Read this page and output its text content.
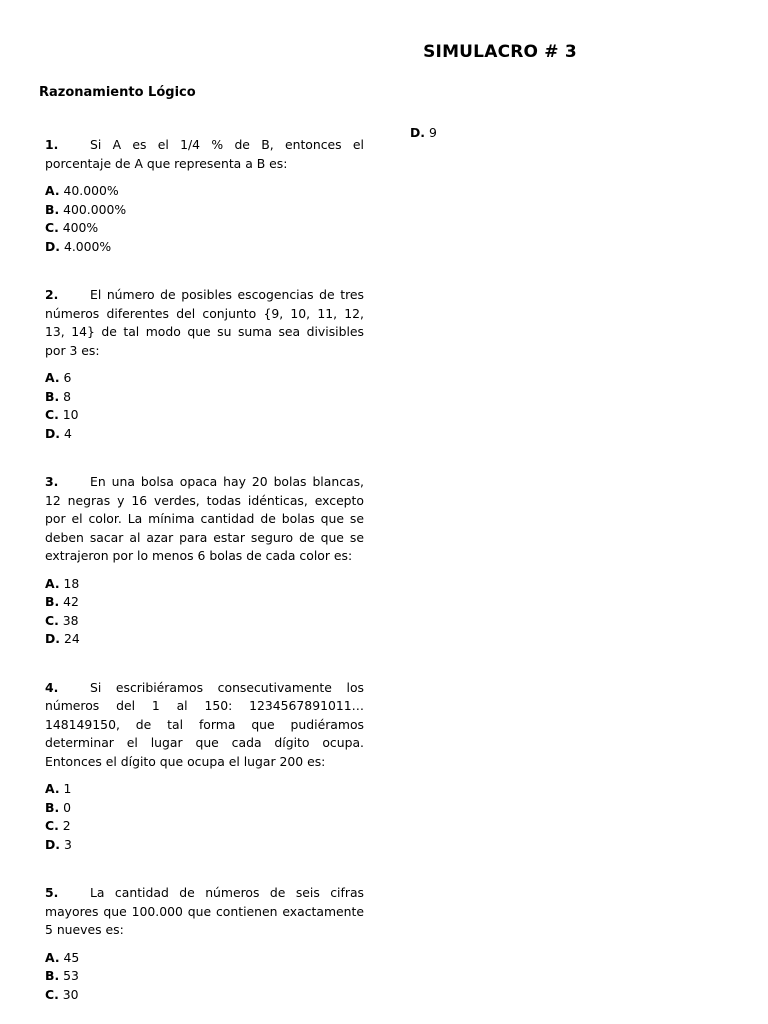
SIMULACRO # 3
Razonamiento Lógico

1.	Si A es el 1/4 % de B, entonces el porcentaje de A que representa a B es:

A. 40.000%
B. 400.000%
C. 400%
D. 4.000%

2.	El número de posibles escogencias de tres números diferentes del conjunto {9, 10, 11, 12, 13, 14} de tal modo que su suma sea divisibles por 3 es:

A. 6
B. 8
C. 10
D. 4

3.	En una bolsa opaca hay 20 bolas blancas, 12 negras y 16 verdes, todas idénticas, excepto por el color. La mínima cantidad de bolas que se deben sacar al azar para estar seguro de que se extrajeron por lo menos 6 bolas de cada color es:

A. 18
B. 42
C. 38
D. 24

4.	Si escribiéramos consecutivamente los números del 1 al 150: 1234567891011…148149150, de tal forma que pudiéramos determinar el lugar que cada dígito ocupa. Entonces el dígito que ocupa el lugar 200 es:

A. 1
B. 0
C. 2
D. 3

5.	La cantidad de números de seis cifras mayores que 100.000 que contienen exactamente 5 nueves es:

A. 45
B. 53
C. 30
D. 9
